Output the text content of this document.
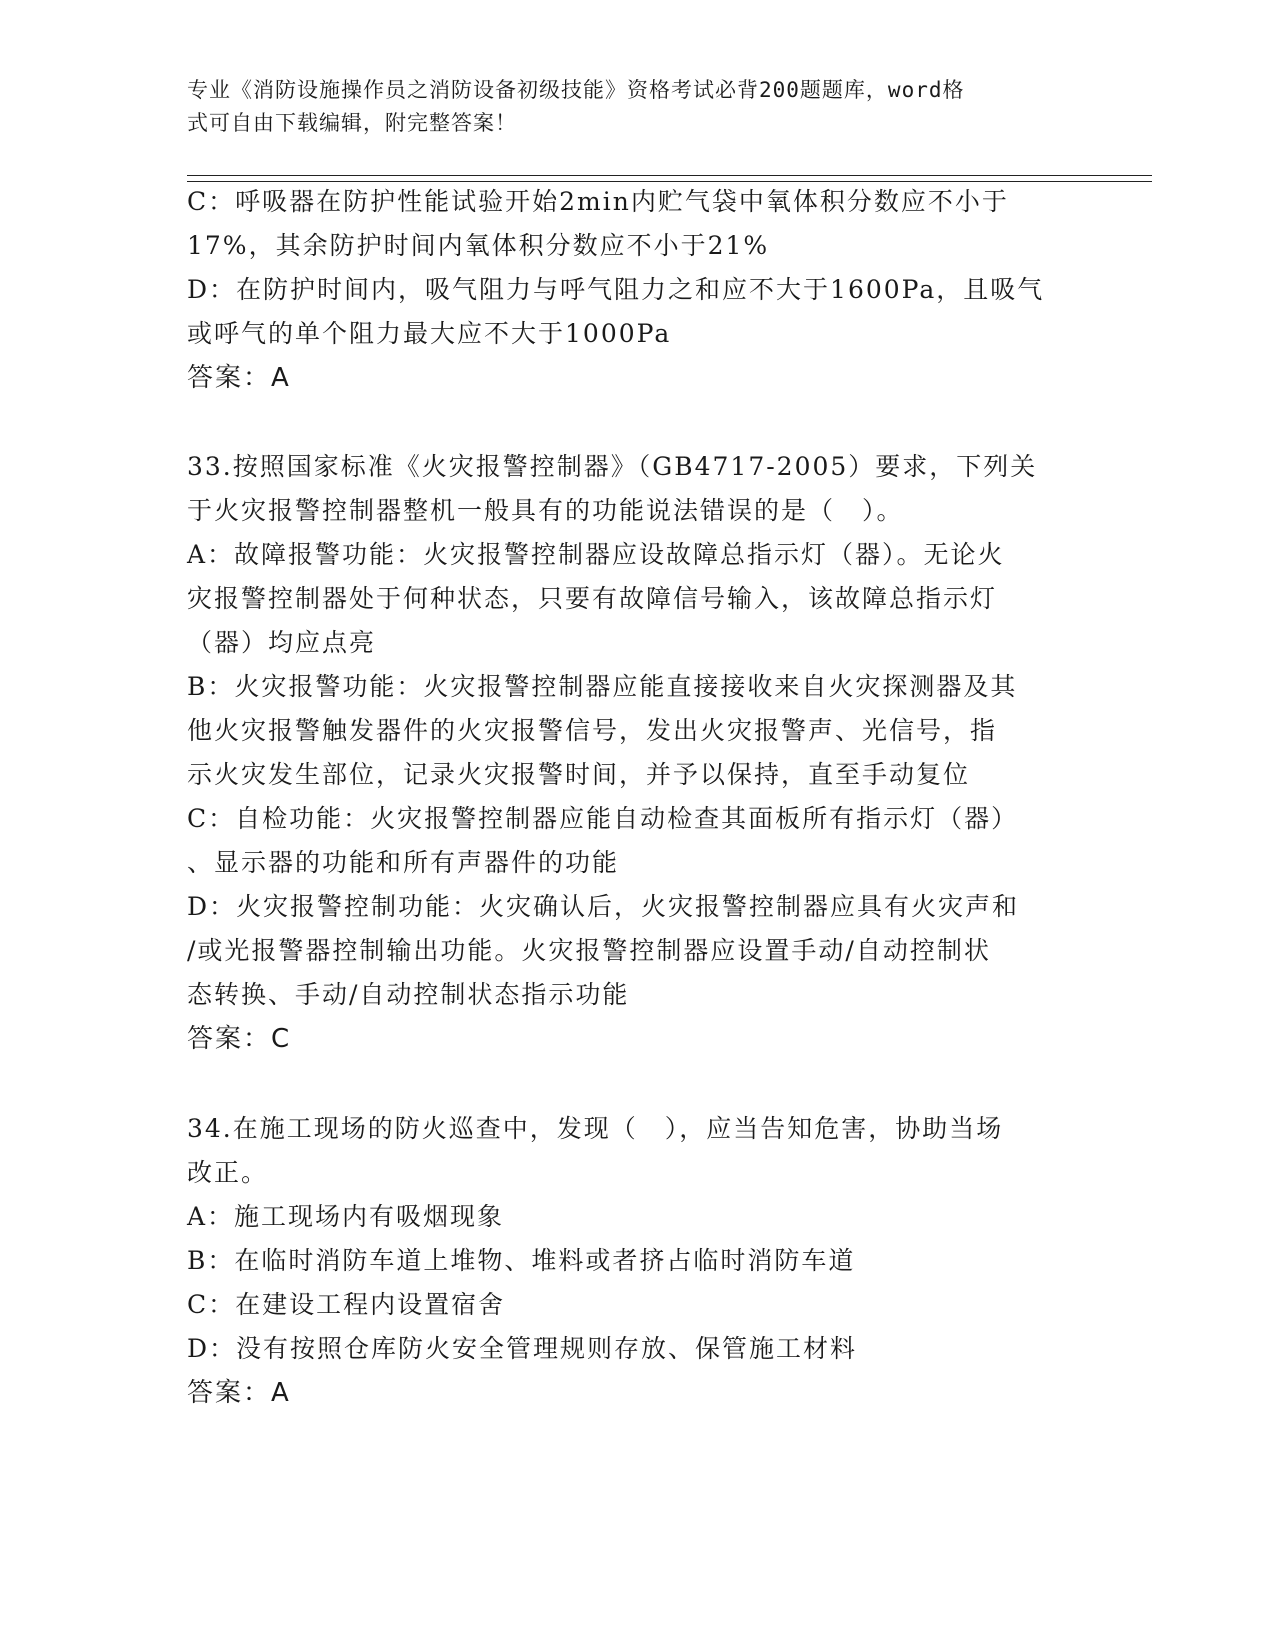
专业《消防设施操作员之消防设备初级技能》资格考试必背200题题库，word格
式可自由下载编辑，附完整答案！
C：呼吸器在防护性能试验开始2min内贮气袋中氧体积分数应不小于
17%，其余防护时间内氧体积分数应不小于21%
D：在防护时间内，吸气阻力与呼气阻力之和应不大于1600Pa，且吸气
或呼气的单个阻力最大应不大于1000Pa
答案：A
33.按照国家标准《火灾报警控制器》（GB4717-2005）要求，下列关
于火灾报警控制器整机一般具有的功能说法错误的是（　）。
A：故障报警功能：火灾报警控制器应设故障总指示灯（器）。无论火
灾报警控制器处于何种状态，只要有故障信号输入，该故障总指示灯
（器）均应点亮
B：火灾报警功能：火灾报警控制器应能直接接收来自火灾探测器及其
他火灾报警触发器件的火灾报警信号，发出火灾报警声、光信号，指
示火灾发生部位，记录火灾报警时间，并予以保持，直至手动复位
C：自检功能：火灾报警控制器应能自动检查其面板所有指示灯（器）
、显示器的功能和所有声器件的功能
D：火灾报警控制功能：火灾确认后，火灾报警控制器应具有火灾声和
/或光报警器控制输出功能。火灾报警控制器应设置手动/自动控制状
态转换、手动/自动控制状态指示功能
答案：C
34.在施工现场的防火巡查中，发现（　），应当告知危害，协助当场
改正。
A：施工现场内有吸烟现象
B：在临时消防车道上堆物、堆料或者挤占临时消防车道
C：在建设工程内设置宿舍
D：没有按照仓库防火安全管理规则存放、保管施工材料
答案：A
